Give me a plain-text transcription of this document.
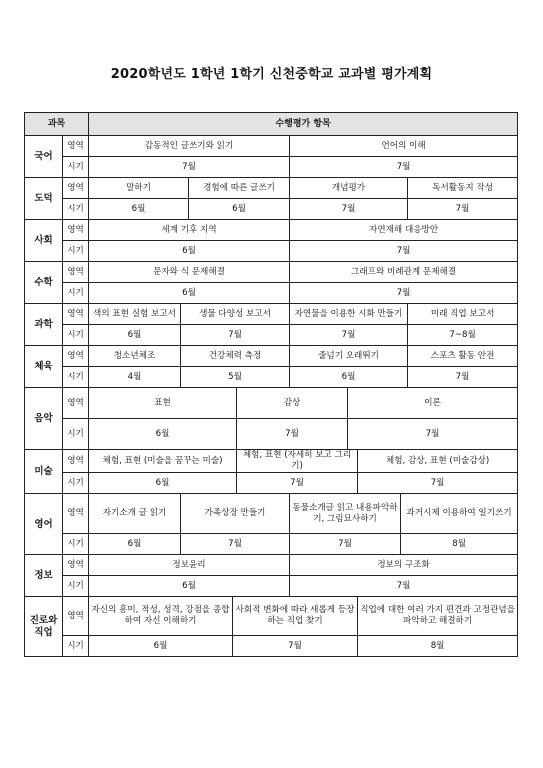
2020학년도 1학년 1학기 신천중학교 교과별 평가계획
과목		수행평가 항목									
국어	영역	감동적인 글쓰기와 읽기					언어의 이해				
	시기	7월					7월				
도덕	영역	말하기		경험에 따른 글쓰기			개념평가				독서활동지 작성
	시기	6월		6월			7월				7월
사회	영역	세계 기후 지역					자연재해 대응방안				
	시기	6월					7월				
수학	영역	문자와 식 문제해결					그래프와 비례관계 문제해결				
	시기	6월					7월				
과학	영역	색의 표현 실험 보고서	생물 다양성 보고서				자연물을 이용한 시화 만들기				미래 직업 보고서
	시기	6월	7월				7월				7~8월
체육	영역	청소년체조	건강체력 측정				줄넘기 오래뛰기				스포츠 활동 안전
	시기	4월	5월				6월				7월
음악	영역	표현				감상		이론			
	시기	6월				7월		7월			
미술	영역	체험, 표현 (미술을 꿈꾸는 미술)				체험, 표현 (자세히 보고 그리기)			체험, 감상, 표현 (미술감상)		
	시기	6월				7월			7월		
영어	영역	자기소개 글 읽기	가족상장 만들기				동물소개글 읽고 내용파악하기, 그림묘사하기			과거시제 이용하여 일기쓰기	
	시기	6월	7월				7월			8월	
정보	영역	정보윤리					정보의 구조화				
	시기	6월					7월				
진로와 직업	영역	자신의 흥미, 적성, 성격, 강점을 종합하여 자신 이해하기			사회적 변화에 따라 새롭게 등장하는 직업 찾기				직업에 대한 여러 가지 편견과 고정관념을 파악하고 해결하기		
	시기	6월			7월				8월		
